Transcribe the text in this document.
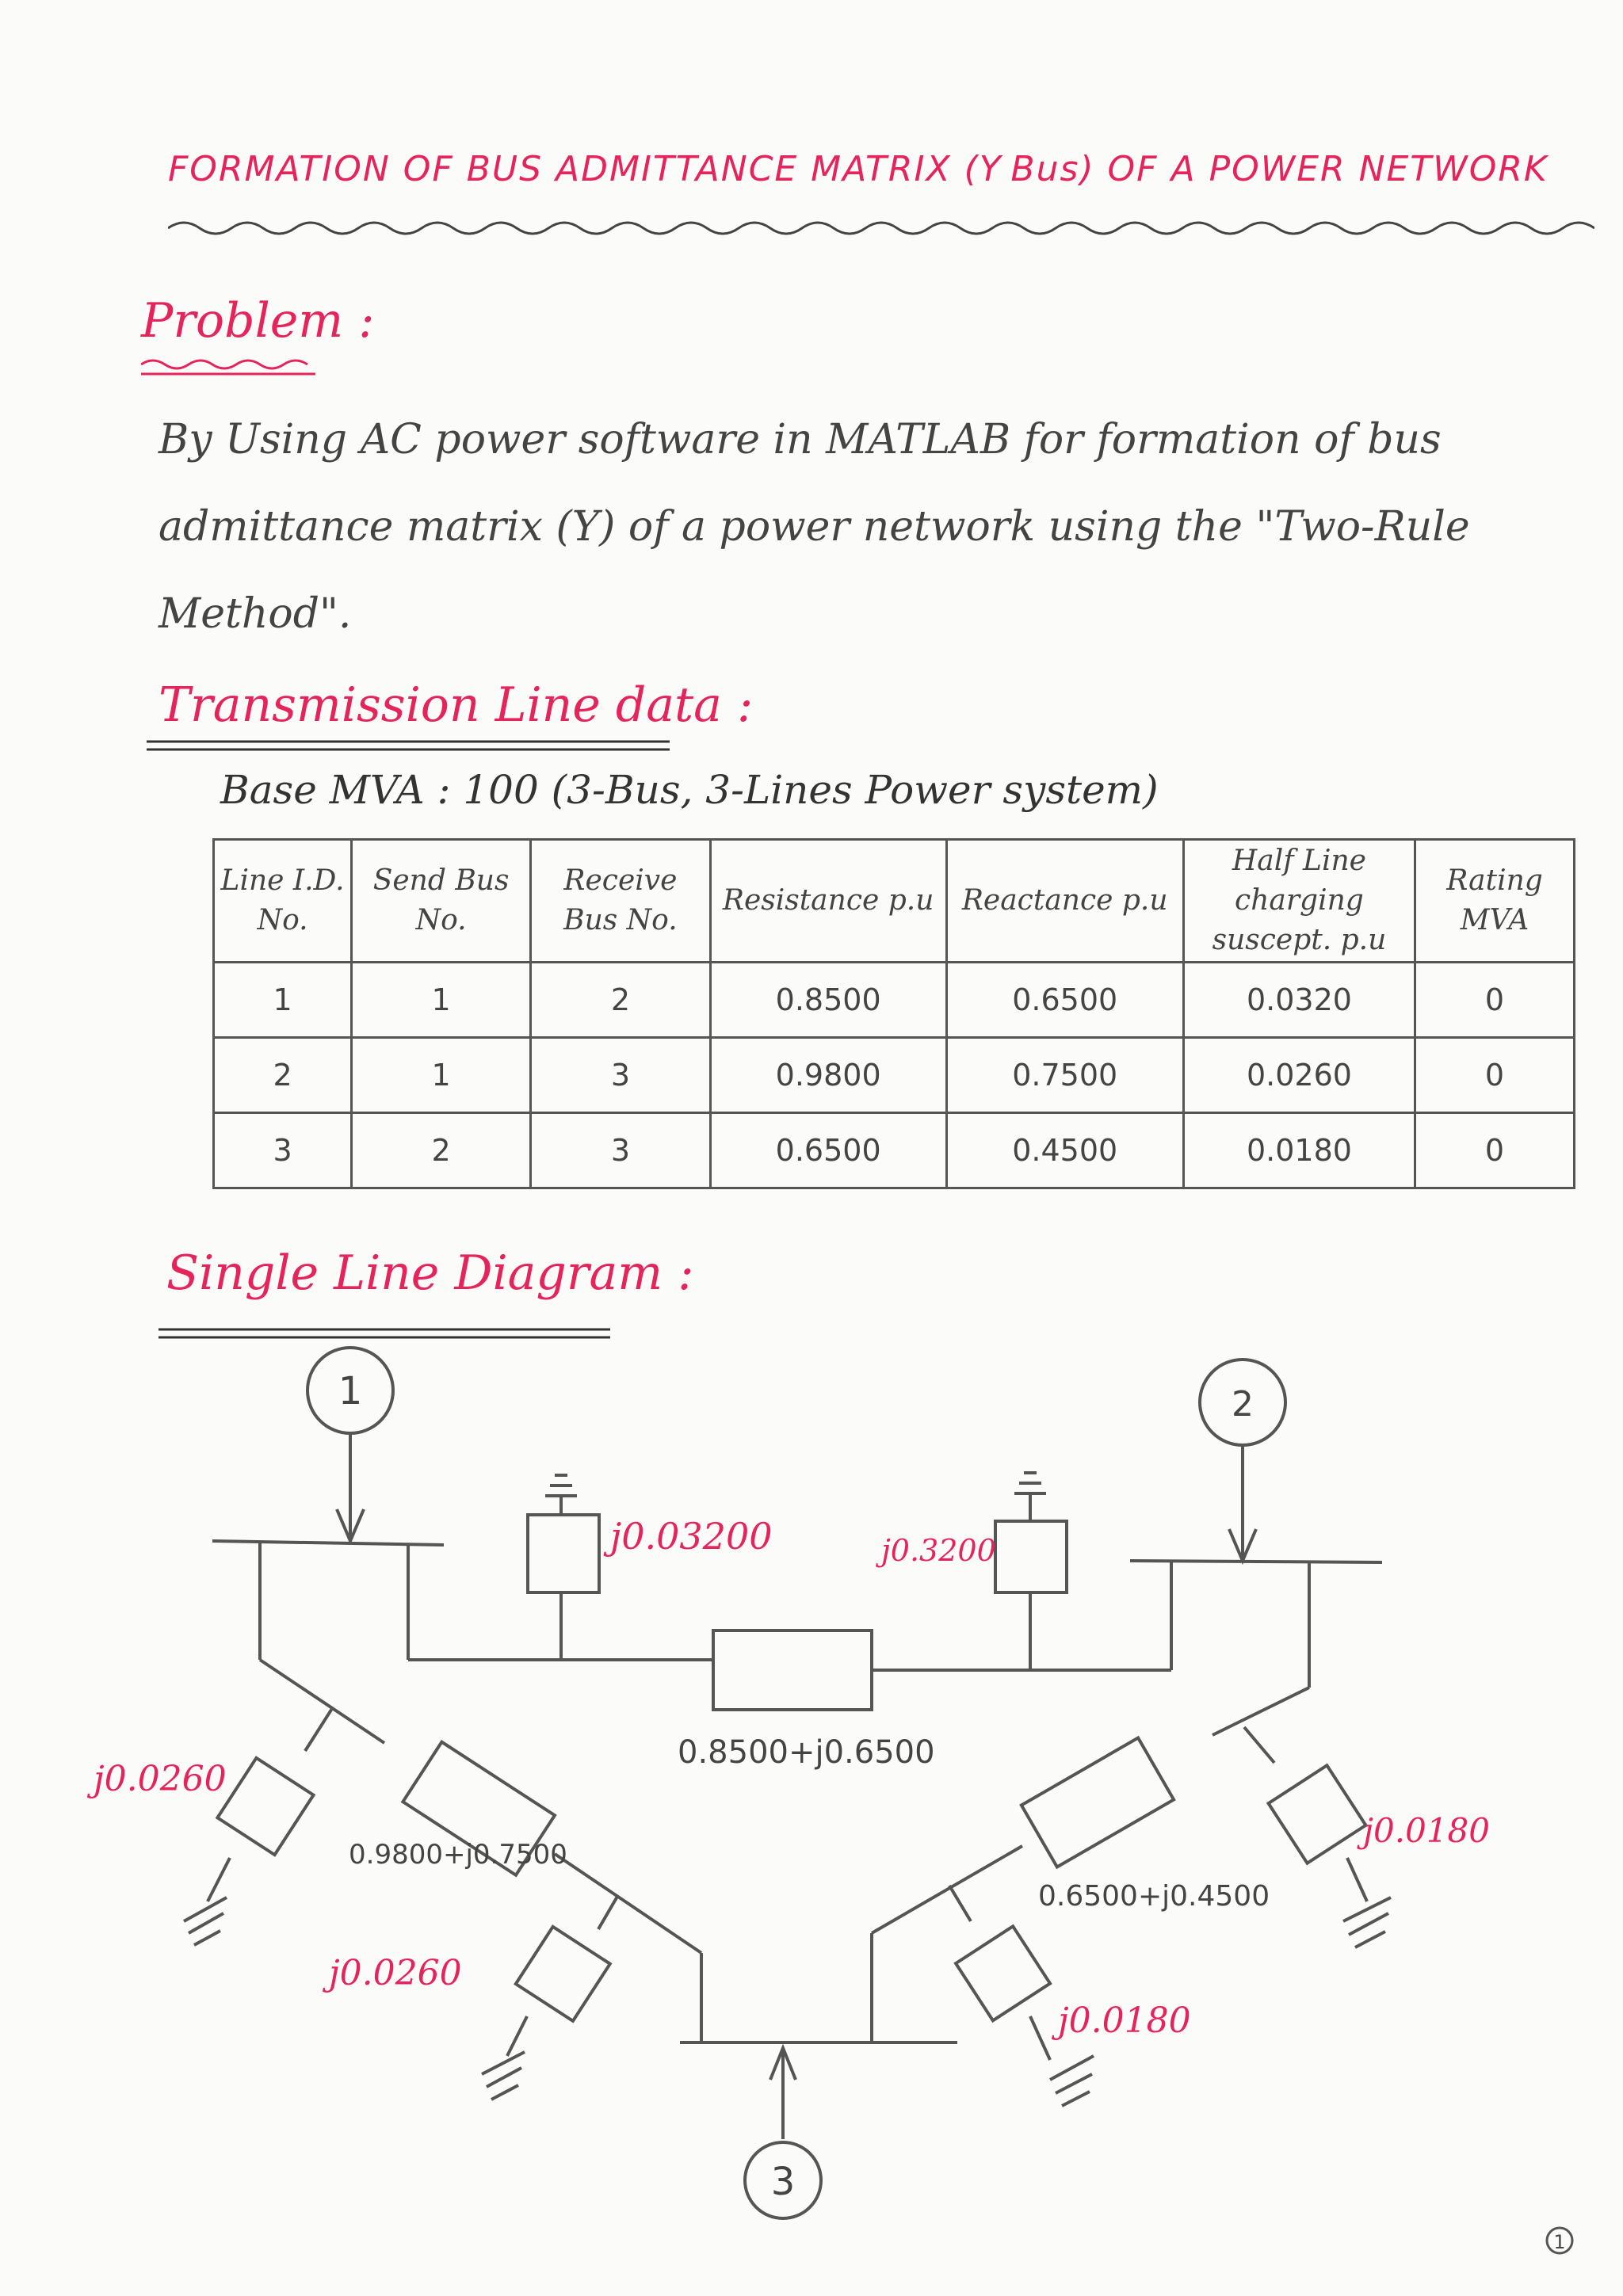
FORMATION OF BUS ADMITTANCE MATRIX (Y Bus) OF A POWER NETWORK
Problem :
By Using AC power software in MATLAB for formation of bus admittance matrix (Y) of a power network using the "Two-Rule Method".
Transmission Line data :
Base MVA : 100 (3-Bus, 3-Lines Power system)
Line I.D. No.	Send Bus No.	Receive Bus No.	Resistance p.u	Reactance p.u	Half Line charging suscept. p.u	Rating MVA
1	1	2	0.8500	0.6500	0.0320	0
2	1	3	0.9800	0.7500	0.0260	0
3	2	3	0.6500	0.4500	0.0180	0
Single Line Diagram :
1	2
3
j0.03200	j0.3200
0.8500+j0.6500
j0.0260
0.9800+j0.7500
j0.0260
j0.0180
0.6500+j0.4500
j0.0180
1
